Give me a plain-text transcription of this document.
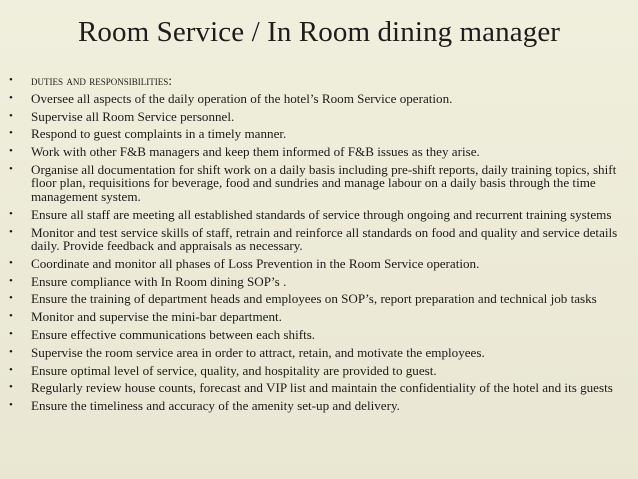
Room Service / In Room dining manager
• duties and responsibilities:
• Oversee all aspects of the daily operation of the hotel’s Room Service operation.
• Supervise all Room Service personnel.
• Respond to guest complaints in a timely manner.
• Work with other F&B managers and keep them informed of F&B issues as they arise.
• Organise all documentation for shift work on a daily basis including pre-shift reports, daily training topics, shift floor plan, requisitions for beverage, food and sundries and manage labour on a daily basis through the time management system.
• Ensure all staff are meeting all established standards of service through ongoing and recurrent training systems
• Monitor and test service skills of staff, retrain and reinforce all standards on food and quality and service details daily. Provide feedback and appraisals as necessary.
• Coordinate and monitor all phases of Loss Prevention in the Room Service operation.
• Ensure compliance with In Room dining SOP’s .
• Ensure the training of department heads and employees on SOP’s, report preparation and technical job tasks
• Monitor and supervise the mini-bar department.
• Ensure effective communications between each shifts.
• Supervise the room service area in order to attract, retain, and motivate the employees.
• Ensure optimal level of service, quality, and hospitality are provided to guest.
• Regularly review house counts, forecast and VIP list and maintain the confidentiality of the hotel and its guests
• Ensure the timeliness and accuracy of the amenity set-up and delivery.
